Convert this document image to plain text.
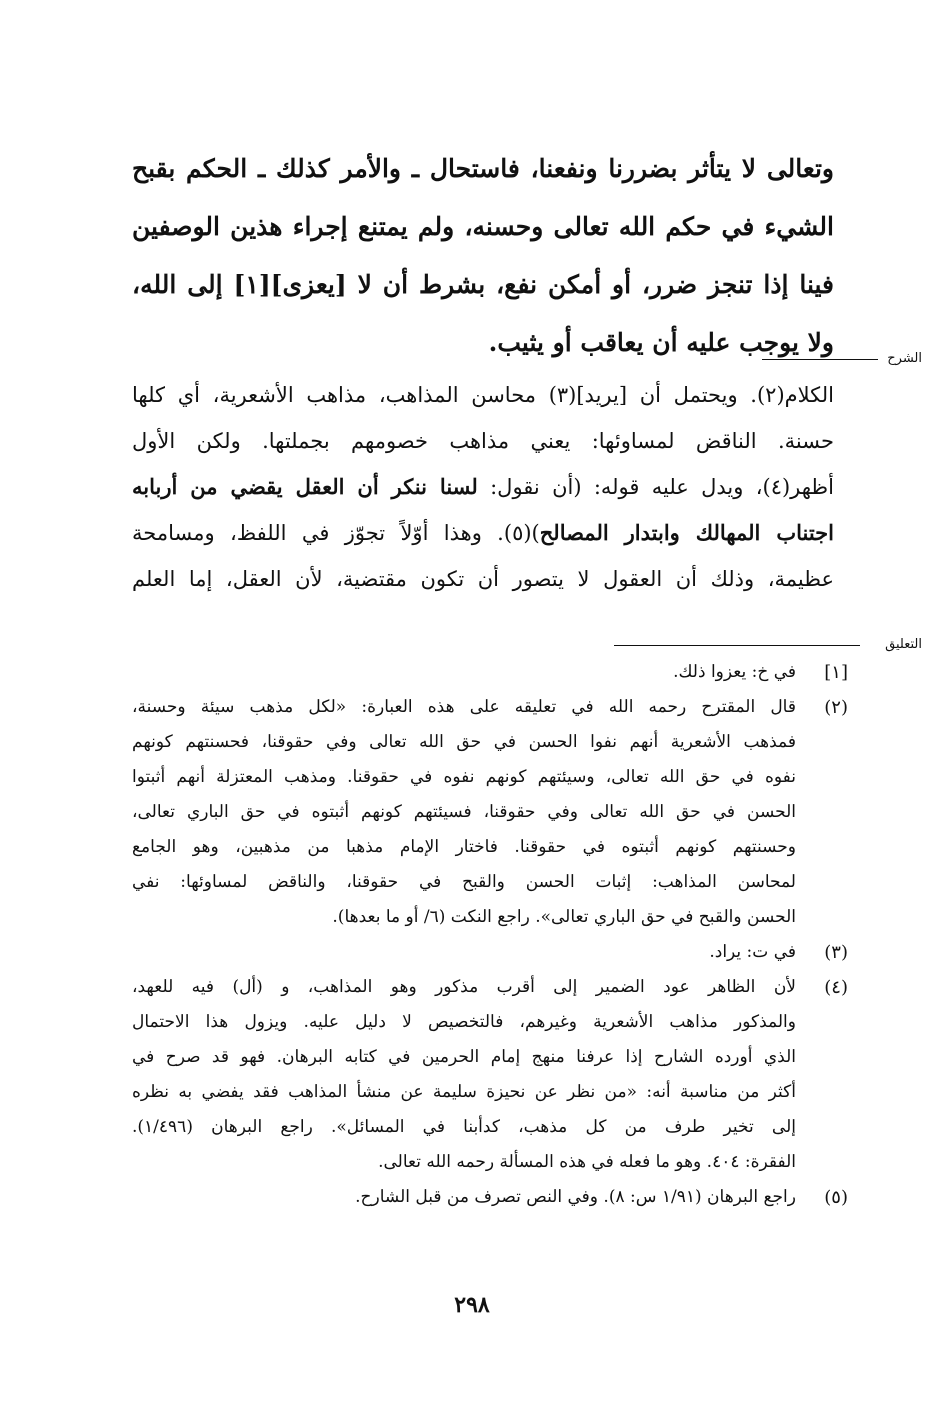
وتعالى لا يتأثر بضررنا ونفعنا، فاستحال ـ والأمر كذلك ـ الحكم بقبح
الشيء في حكم الله تعالى وحسنه، ولم يمتنع إجراء هذين الوصفين
فينا إذا تنجز ضرر، أو أمكن نفع، بشرط أن لا [يعزى][١] إلى الله،
ولا يوجب عليه أن يعاقب أو يثيب.
الشرح
الكلام(٢). ويحتمل أن [يريد](٣) محاسن المذاهب، مذاهب الأشعرية، أي كلها
حسنة. الناقض لمساوئها: يعني مذاهب خصومهم بجملتها. ولكن الأول
أظهر(٤)، ويدل عليه قوله: (أن نقول: لسنا ننكر أن العقل يقضي من أربابه
اجتناب المهالك وابتدار المصالح)(٥). وهذا أوّلاً تجوّز في اللفظ، ومسامحة
عظيمة، وذلك أن العقول لا يتصور أن تكون مقتضية، لأن العقل، إما العلم
التعليق
[١]
في خ: يعزوا ذلك.
(٢)
قال المقترح رحمه الله في تعليقه على هذه العبارة: «لكل مذهب سيئة وحسنة،
فمذهب الأشعرية أنهم نفوا الحسن في حق الله تعالى وفي حقوقنا، فحسنتهم كونهم
نفوه في حق الله تعالى، وسيئتهم كونهم نفوه في حقوقنا. ومذهب المعتزلة أنهم أثبتوا
الحسن في حق الله تعالى وفي حقوقنا، فسيئتهم كونهم أثبتوه في حق الباري تعالى،
وحسنتهم كونهم أثبتوه في حقوقنا. فاختار الإمام مذهبا من مذهبين، وهو الجامع
لمحاسن المذاهب: إثبات الحسن والقبح في حقوقنا، والناقض لمساوئها: نفي
الحسن والقبح في حق الباري تعالى». راجع النكت (٦/ أو ما بعدها).
(٣)
في ت: يراد.
(٤)
لأن الظاهر عود الضمير إلى أقرب مذكور وهو المذاهب، و (أل) فيه للعهد،
والمذكور مذاهب الأشعرية وغيرهم، فالتخصيص لا دليل عليه. ويزول هذا الاحتمال
الذي أورده الشارح إذا عرفنا منهج إمام الحرمين في كتابه البرهان. فهو قد صرح في
أكثر من مناسبة أنه: «من نظر عن نحيزة سليمة عن منشأ المذاهب فقد يفضي به نظره
إلى تخير طرف من كل مذهب، كدأبنا في المسائل». راجع البرهان (١/٤٩٦).
الفقرة: ٤٠٤. وهو ما فعله في هذه المسألة رحمه الله تعالى.
(٥)
راجع البرهان (١/٩١ س: ٨). وفي النص تصرف من قبل الشارح.
٢٩٨
